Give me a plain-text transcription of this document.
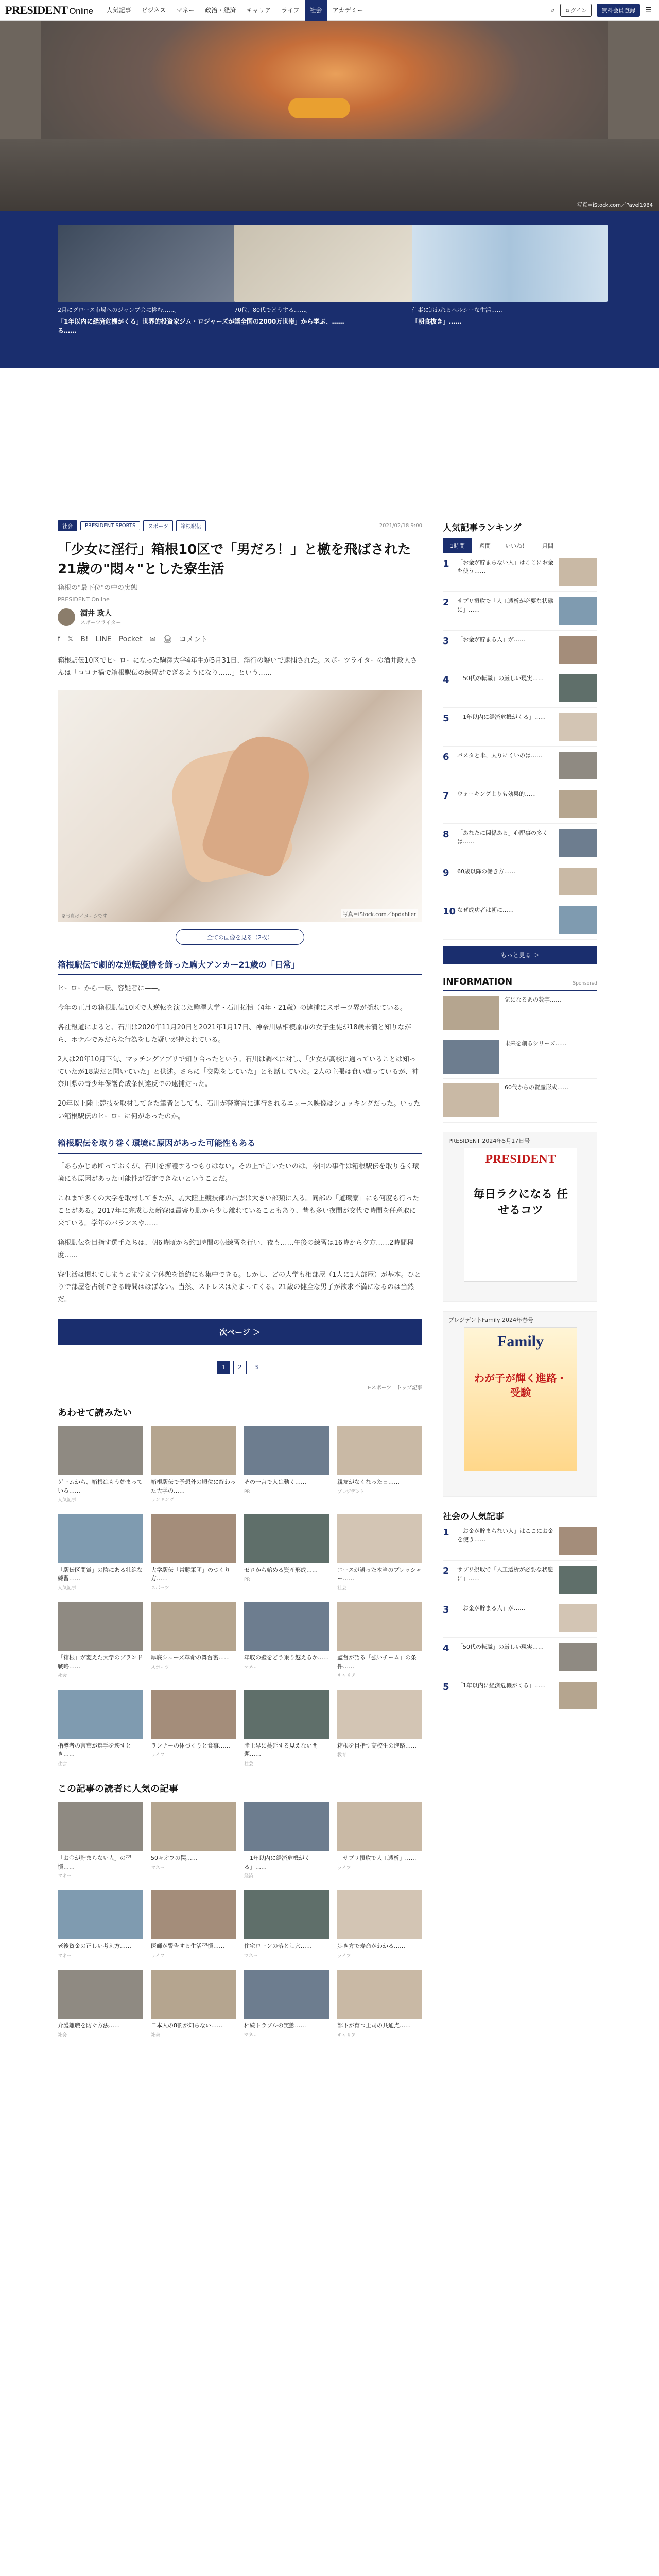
PRESIDENT Online	人気記事	ビジネス	マネー	政治・経済	キャリア	ライフ	社会	アカデミー	⌕	ログイン	無料会員登録	☰
写真＝iStock.com／Pavel1964
2月にグロース市場へのジャンプ会に挑む……。
「1年以内に経済危機がくる」世界的投資家ジム・ロジャーズが語る……
70代、80代でどうする……。
「全国の2000万世帯」から学ぶ、……
仕事に追われるヘルシーな生活……
「朝食抜き」……
社会	PRESIDENT SPORTS	スポーツ	箱根駅伝	2021/02/18 9:00
「少女に淫行」箱根10区で「男だろ！」と檄を飛ばされた21歳の"悶々"とした寮生活
箱根の"最下位"の中の実態
PRESIDENT Online
酒井 政人
スポーツライター
f 𝕏 B! LINE Pocket ✉ 🖨 コメント

箱根駅伝10区でヒーローになった駒澤大学4年生が5月31日、淫行の疑いで逮捕された。スポーツライターの酒井政人さんは「コロナ禍で箱根駅伝の練習がでぎるようになり……」という……

写真＝iStock.com／bpdahller
※写真はイメージです
全ての画像を見る（2枚）
箱根駅伝で劇的な逆転優勝を飾った駒大アンカー21歳の「日常」

ヒーローから一転、容疑者に——。

今年の正月の箱根駅伝10区で大逆転を演じた駒澤大学・石川拓慎（4年・21歳）の逮捕にスポーツ界が揺れている。

各社報道によると、石川は2020年11月20日と2021年1月17日、神奈川県相模原市の女子生徒が18歳未満と知りながら、ホテルでみだらな行為をした疑いが持たれている。

2人は20年10月下旬、マッチングアプリで知り合ったという。石川は調べに対し、「少女が高校に通っていることは知っていたが18歳だと聞いていた」と供述。さらに「交際をしていた」とも話していた。2人の主張は食い違っているが、神奈川県の青少年保護育成条例違反での逮捕だった。

20年以上陸上競技を取材してきた筆者としても、石川が警察官に連行されるニュース映像はショッキングだった。いったい箱根駅伝のヒーローに何があったのか。

箱根駅伝を取り巻く環境に原因があった可能性もある

「あらかじめ断っておくが、石川を擁護するつもりはない。その上で言いたいのは、今回の事件は箱根駅伝を取り巻く環境にも原因があった可能性が否定できないということだ。

これまで多くの大学を取材してきたが、駒大陸上競技部の出雲は大きい部類に入る。同部の「道環寮」にも何度も行ったことがある。2017年に完成した新寮は最寄り駅から少し離れていることもあり、昔も多い夜間が交代で時間を任意取に来ている。学年のバランスや……

箱根駅伝を目指す選手たちは、朝6時頃から約1時間の朝練習を行い、夜も……午後の練習は16時から夕方……2時間程度……

寮生活は慣れてしまうとますます休憩を節約にも集中できる。しかし、どの大学も相部屋（1人に1人部屋）が基本。ひとりで部屋を占領できる時間はほぼない。当然、ストレスはたまってくる。21歳の健全な男子が欲求不満になるのは当然だ。

次ページ ＞
1	2	3
Eスポーツ トップ記事
あわせて読みたい
ゲームから、箱根はもう始まっている……
人気記事
箱根駅伝で予想外の順位に終わった大学の……
ランキング
その一言で人は動く……
PR
親友がなくなった日……
プレジデント
「駅伝区間賞」の陰にある壮絶な練習……
人気記事
大学駅伝「常勝軍団」のつくり方……
スポーツ
ゼロから始める資産形成……
PR
エースが語った本当のプレッシャー……
社会
「箱根」が変えた大学のブランド戦略……
社会
厚底シューズ革命の舞台裏……
スポーツ
年収の壁をどう乗り越えるか……
マネー
監督が語る「強いチーム」の条件……
キャリア
指導者の言葉が選手を壊すとき……
社会
ランナーの体づくりと食事……
ライフ
陸上界に蔓延する見えない問題……
社会
箱根を目指す高校生の進路……
教育
この記事の読者に人気の記事
「お金が貯まらない人」の習慣……
マネー
50％オフの罠……
マネー
「1年以内に経済危機がくる」……
経済
「サプリ摂取で人工透析」……
ライフ
老後資金の正しい考え方……
マネー
医師が警告する生活習慣……
ライフ
住宅ローンの落とし穴……
マネー
歩き方で寿命がわかる……
ライフ
介護離職を防ぐ方法……
社会
日本人の8割が知らない……
社会
相続トラブルの実態……
マネー
部下が育つ上司の共通点……
キャリア
人気記事ランキング
1時間	週間	いいね！	月間
1	「お金が貯まらない人」はここにお金を使う……
2	サプリ摂取で「人工透析が必要な状態に」……
3	「お金が貯まる人」が……
4	「50代の転職」の厳しい現実……
5	「1年以内に経済危機がくる」……
6	パスタと米、太りにくいのは……
7	ウォーキングよりも効果的……
8	「あなたに関係ある」心配事の多くは……
9	60歳以降の働き方……
10 なぜ成功者は朝に……
もっと見る ＞
INFORMATION	Sponsored
気になるあの数字……
未来を創るシリーズ……
60代からの資産形成……
PRESIDENT 2024年5月17日号
PRESIDENT
毎日ラクになる 任せるコツ
プレジデントFamily 2024年春号
Family
わが子が輝く進路・受験
社会の人気記事
1	「お金が貯まらない人」はここにお金を使う……
2	サプリ摂取で「人工透析が必要な状態に」……
3	「お金が貯まる人」が……
4	「50代の転職」の厳しい現実……
5	「1年以内に経済危機がくる」……
